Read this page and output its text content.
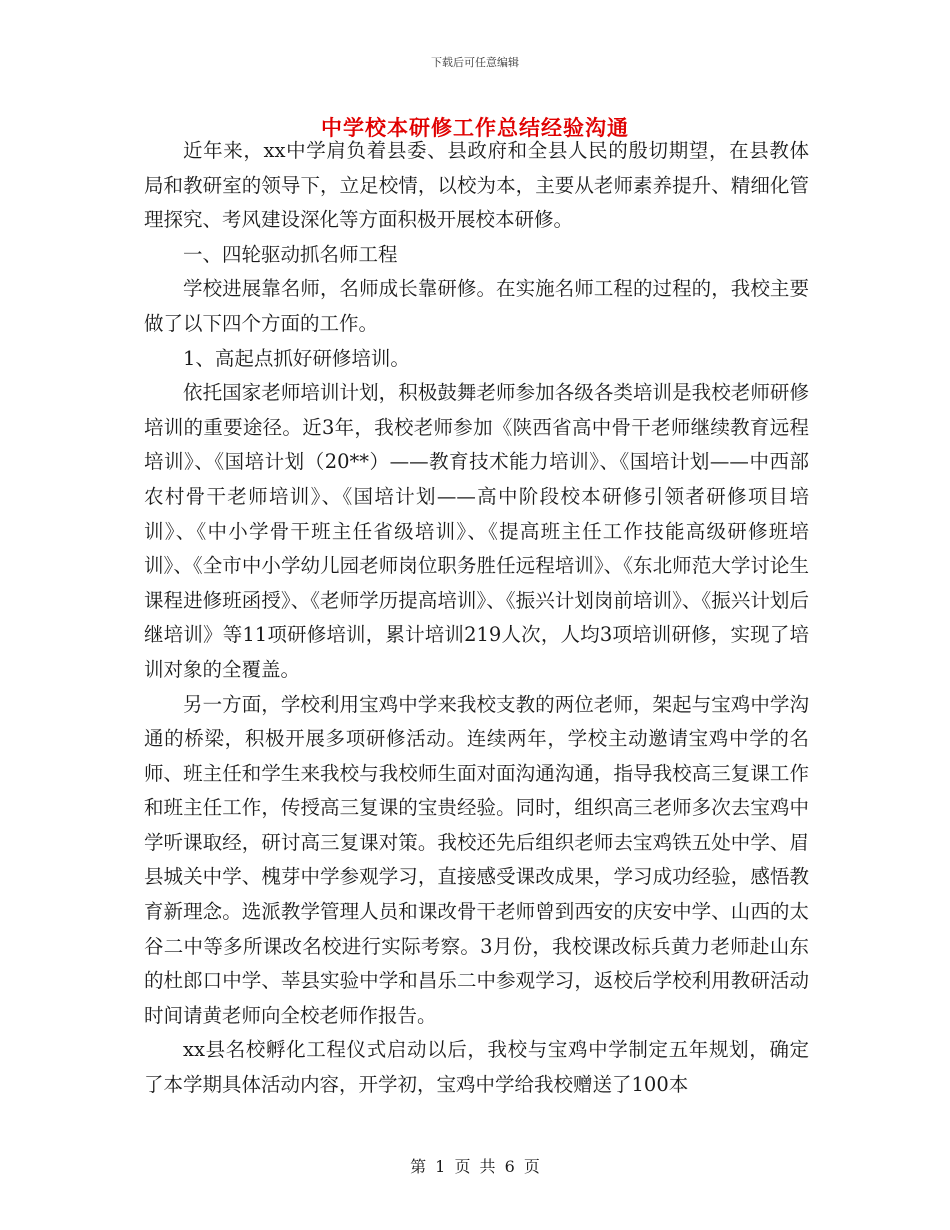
下载后可任意编辑
中学校本研修工作总结经验沟通

近年来，xx中学肩负着县委、县政府和全县人民的殷切期望，在县教体局和教研室的领导下，立足校情，以校为本，主要从老师素养提升、精细化管理探究、考风建设深化等方面积极开展校本研修。

一、四轮驱动抓名师工程

学校进展靠名师，名师成长靠研修。在实施名师工程的过程的，我校主要做了以下四个方面的工作。

1、高起点抓好研修培训。

依托国家老师培训计划，积极鼓舞老师参加各级各类培训是我校老师研修培训的重要途径。近3年，我校老师参加《陕西省高中骨干老师继续教育远程培训》、《国培计划（20**）——教育技术能力培训》、《国培计划——中西部农村骨干老师培训》、《国培计划——高中阶段校本研修引领者研修项目培训》、《中小学骨干班主任省级培训》、《提高班主任工作技能高级研修班培训》、《全市中小学幼儿园老师岗位职务胜任远程培训》、《东北师范大学讨论生课程进修班函授》、《老师学历提高培训》、《振兴计划岗前培训》、《振兴计划后继培训》等11项研修培训，累计培训219人次，人均3项培训研修，实现了培训对象的全覆盖。

另一方面，学校利用宝鸡中学来我校支教的两位老师，架起与宝鸡中学沟通的桥梁，积极开展多项研修活动。连续两年，学校主动邀请宝鸡中学的名师、班主任和学生来我校与我校师生面对面沟通沟通，指导我校高三复课工作和班主任工作，传授高三复课的宝贵经验。同时，组织高三老师多次去宝鸡中学听课取经，研讨高三复课对策。我校还先后组织老师去宝鸡铁五处中学、眉县城关中学、槐芽中学参观学习，直接感受课改成果，学习成功经验，感悟教育新理念。选派教学管理人员和课改骨干老师曾到西安的庆安中学、山西的太谷二中等多所课改名校进行实际考察。3月份，我校课改标兵黄力老师赴山东的杜郎口中学、莘县实验中学和昌乐二中参观学习，返校后学校利用教研活动时间请黄老师向全校老师作报告。

xx县名校孵化工程仪式启动以后，我校与宝鸡中学制定五年规划，确定了本学期具体活动内容，开学初，宝鸡中学给我校赠送了100本

第 1 页 共 6 页
